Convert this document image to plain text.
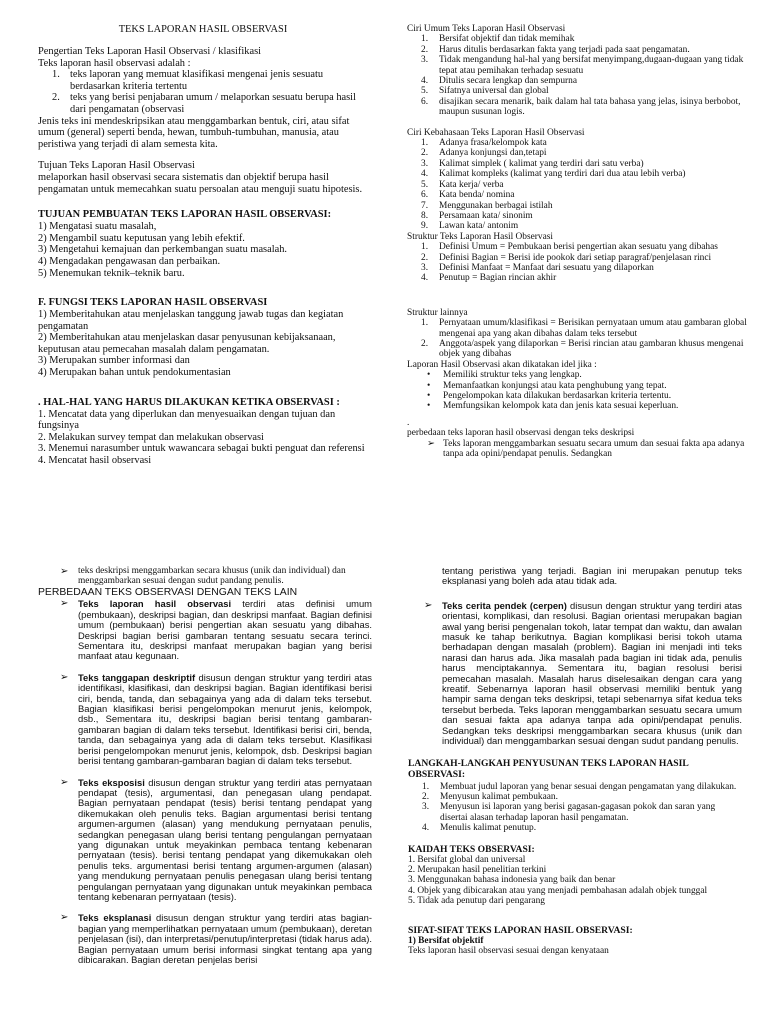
TEKS LAPORAN HASIL OBSERVASI

Pengertian Teks Laporan Hasil Observasi / klasifikasi

Teks laporan hasil observasi adalah :

1. teks laporan yang memuat klasifikasi mengenai jenis sesuatu berdasarkan kriteria tertentu
2. teks yang berisi penjabaran umum / melaporkan sesuatu berupa hasil dari pengamatan (observasi

Jenis teks ini mendeskripsikan atau menggambarkan bentuk, ciri, atau sifat umum (general) seperti benda, hewan, tumbuh-tumbuhan, manusia, atau peristiwa yang terjadi di alam semesta kita.

Tujuan Teks Laporan Hasil Observasi

melaporkan hasil observasi secara sistematis dan objektif berupa hasil pengamatan untuk memecahkan suatu persoalan atau menguji suatu hipotesis.

TUJUAN PEMBUATAN TEKS LAPORAN HASIL OBSERVASI:

1) Mengatasi suatu masalah,

2) Mengambil suatu keputusan yang lebih efektif.

3) Mengetahui kemajuan dan perkembangan suatu masalah.

4) Mengadakan pengawasan dan perbaikan.

5) Menemukan teknik–teknik baru.

F. FUNGSI TEKS LAPORAN HASIL OBSERVASI

1) Memberitahukan atau menjelaskan tanggung jawab tugas dan kegiatan pengamatan

2) Memberitahukan atau menjelaskan dasar penyusunan kebijaksanaan, keputusan atau pemecahan masalah dalam pengamatan.

3) Merupakan sumber informasi dan

4) Merupakan bahan untuk pendokumentasian

. HAL-HAL YANG HARUS DILAKUKAN KETIKA OBSERVASI :

1. Mencatat data yang diperlukan dan menyesuaikan dengan tujuan dan fungsinya

2. Melakukan survey tempat dan melakukan observasi

3. Menemui narasumber untuk wawancara sebagai bukti penguat dan referensi

4. Mencatat hasil observasi

Ciri Umum Teks Laporan Hasil Observasi

1. Bersifat objektif dan tidak memihak
2. Harus ditulis berdasarkan fakta yang terjadi pada saat pengamatan.
3. Tidak mengandung hal-hal yang bersifat menyimpang,dugaan-dugaan yang tidak tepat atau pemihakan terhadap sesuatu
4. Ditulis secara lengkap dan sempurna
5. Sifatnya universal dan global
6. disajikan secara menarik, baik dalam hal tata bahasa yang jelas, isinya berbobot, maupun susunan logis.

Ciri Kebahasaan Teks Laporan Hasil Observasi

1. Adanya frasa/kelompok kata
2. Adanya konjungsi dan,tetapi
3. Kalimat simplek ( kalimat yang terdiri dari satu verba)
4. Kalimat kompleks (kalimat yang terdiri dari dua atau lebih verba)
5. Kata kerja/ verba
6. Kata benda/ nomina
7. Menggunakan berbagai istilah
8. Persamaan kata/ sinonim
9. Lawan kata/ antonim

Struktur Teks Laporan Hasil Observasi

1. Definisi Umum = Pembukaan berisi pengertian akan sesuatu yang dibahas
2. Definisi Bagian = Berisi ide pookok dari setiap paragraf/penjelasan rinci
3. Definisi Manfaat = Manfaat dari sesuatu yang dilaporkan
4. Penutup = Bagian rincian akhir

Struktur lainnya

1. Pernyataan umum/klasifikasi = Berisikan pernyataan umum atau gambaran global mengenai apa yang akan dibahas dalam teks tersebut
2. Anggota/aspek yang dilaporkan = Berisi rincian atau gambaran khusus mengenai objek yang dibahas

Laporan Hasil Observasi akan dikatakan idel jika :

• Memiliki struktur teks yang lengkap.
• Memanfaatkan konjungsi atau kata penghubung yang tepat.
• Pengelompokan kata dilakukan berdasarkan kriteria tertentu.
• Memfungsikan kelompok kata dan jenis kata sesuai keperluan.

.

perbedaan teks laporan hasil observasi dengan teks deskripsi

➢ Teks laporan menggambarkan sesuatu secara umum dan sesuai fakta apa adanya tanpa ada opini/pendapat penulis. Sedangkan
➢ teks deskripsi menggambarkan secara khusus (unik dan individual) dan menggambarkan sesuai dengan sudut pandang penulis.

PERBEDAAN TEKS OBSERVASI DENGAN TEKS LAIN

➢ Teks laporan hasil observasi terdiri atas definisi umum (pembukaan), deskripsi bagian, dan deskripsi manfaat. Bagian definisi umum (pembukaan) berisi pengertian akan sesuatu yang dibahas. Deskripsi bagian berisi gambaran tentang sesuatu secara terinci. Sementara itu, deskripsi manfaat merupakan bagian yang berisi manfaat atau kegunaan.

➢ Teks tanggapan deskriptif disusun dengan struktur yang terdiri atas identifikasi, klasifikasi, dan deskripsi bagian. Bagian identifikasi berisi ciri, benda, tanda, dan sebagainya yang ada di dalam teks tersebut. Bagian klasifikasi berisi pengelompokan menurut jenis, kelompok, dsb., Sementara itu, deskripsi bagian berisi tentang gambaran-gambaran bagian di dalam teks tersebut. Identifikasi berisi ciri, benda, tanda, dan sebagainya yang ada di dalam teks tersebut. Klasifikasi berisi pengelompokan menurut jenis, kelompok, dsb. Deskripsi bagian berisi tentang gambaran-gambaran bagian di dalam teks tersebut.

➢ Teks eksposisi disusun dengan struktur yang terdiri atas pernyataan pendapat (tesis), argumentasi, dan penegasan ulang pendapat. Bagian pernyataan pendapat (tesis) berisi tentang pendapat yang dikemukakan oleh penulis teks. Bagian argumentasi berisi tentang argumen-argumen (alasan) yang mendukung pernyataan penulis, sedangkan penegasan ulang berisi tentang pengulangan pernyataan yang digunakan untuk meyakinkan pembaca tentang kebenaran pernyataan (tesis). berisi tentang pendapat yang dikemukakan oleh penulis teks. argumentasi berisi tentang argumen-argumen (alasan) yang mendukung pernyataan penulis penegasan ulang berisi tentang pengulangan pernyataan yang digunakan untuk meyakinkan pembaca tentang kebenaran pernyataan (tesis).

➢ Teks eksplanasi disusun dengan struktur yang terdiri atas bagian-bagian yang memperlihatkan pernyataan umum (pembukaan), deretan penjelasan (isi), dan interpretasi/penutup/interpretasi (tidak harus ada). Bagian pernyataan umum berisi informasi singkat tentang apa yang dibicarakan. Bagian deretan penjelas berisi

tentang peristiwa yang terjadi. Bagian ini merupakan penutup teks eksplanasi yang boleh ada atau tidak ada.

➢ Teks cerita pendek (cerpen) disusun dengan struktur yang terdiri atas orientasi, komplikasi, dan resolusi. Bagian orientasi merupakan bagian awal yang berisi pengenalan tokoh, latar tempat dan waktu, dan awalan masuk ke tahap berikutnya. Bagian komplikasi berisi tokoh utama berhadapan dengan masalah (problem). Bagian ini menjadi inti teks narasi dan harus ada. Jika masalah pada bagian ini tidak ada, penulis harus menciptakannya. Sementara itu, bagian resolusi berisi pemecahan masalah. Masalah harus diselesaikan dengan cara yang kreatif. Sebenarnya laporan hasil observasi memiliki bentuk yang hampir sama dengan teks deskripsi, tetapi sebenarnya sifat kedua teks tersebut berbeda. Teks laporan menggambarkan sesuatu secara umum dan sesuai fakta apa adanya tanpa ada opini/pendapat penulis. Sedangkan teks deskripsi menggambarkan secara khusus (unik dan individual) dan menggambarkan sesuai dengan sudut pandang penulis.

LANGKAH-LANGKAH PENYUSUNAN TEKS LAPORAN HASIL OBSERVASI:

1. Membuat judul laporan yang benar sesuai dengan pengamatan yang dilakukan.
2. Menyusun kalimat pembukaan.
3. Menyusun isi laporan yang berisi gagasan-gagasan pokok dan saran yang disertai alasan terhadap laporan hasil pengamatan.
4. Menulis kalimat penutup.

KAIDAH TEKS OBSERVASI:

1. Bersifat global dan universal

2. Merupakan hasil penelitian terkini

3. Menggunakan bahasa indonesia yang baik dan benar

4. Objek yang dibicarakan atau yang menjadi pembahasan adalah objek tunggal

5. Tidak ada penutup dari pengarang

SIFAT-SIFAT TEKS LAPORAN HASIL OBSERVASI:

1) Bersifat objektif

Teks laporan hasil observasi sesuai dengan kenyataan
